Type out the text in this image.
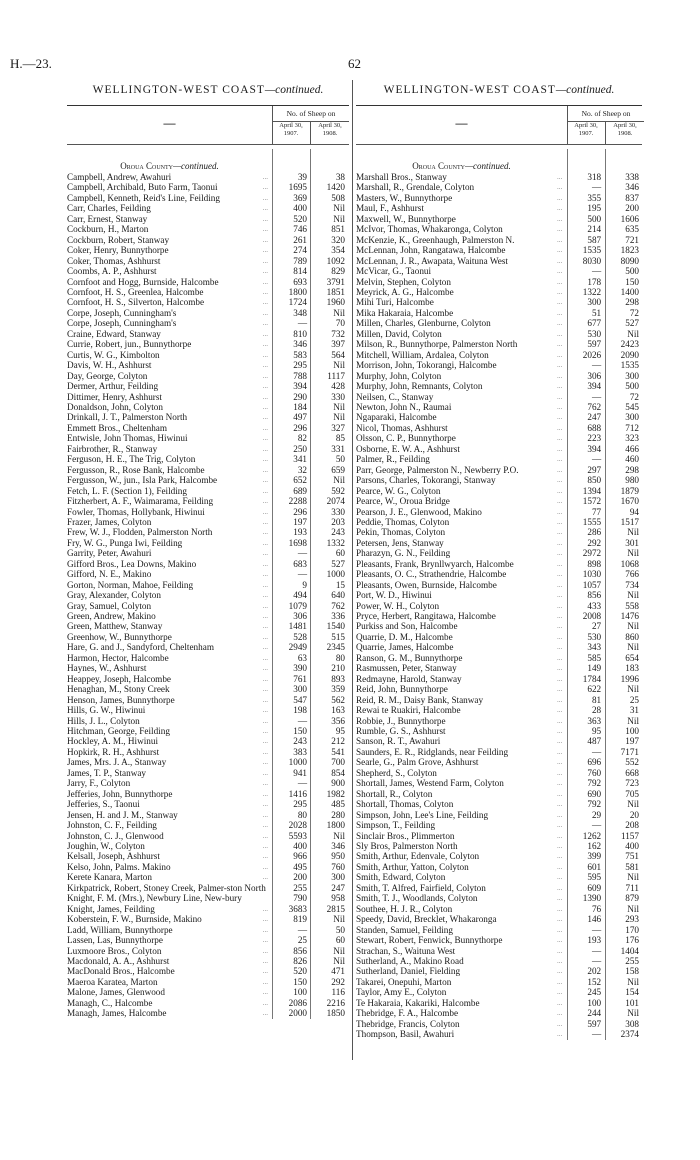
H.—23.	62
WELLINGTON-WEST COAST—continued.
—
No. of Sheep on
April 30, 1907.
April 30, 1908.
Oroua County—continued.
Campbell, Andrew, Awahuri	...	39	38
Campbell, Archibald, Buto Farm, Taonui	...	1695	1420
Campbell, Kenneth, Reid's Line, Feilding	...	369	508
Carr, Charles, Feilding	...	400	Nil
Carr, Ernest, Stanway	...	520	Nil
Cockburn, H., Marton	...	746	851
Cockburn, Robert, Stanway	...	261	320
Coker, Henry, Bunnythorpe	...	274	354
Coker, Thomas, Ashhurst	...	789	1092
Coombs, A. P., Ashhurst	...	814	829
Cornfoot and Hogg, Burnside, Halcombe	...	693	3791
Cornfoot, H. S., Greenlea, Halcombe	...	1800	1851
Cornfoot, H. S., Silverton, Halcombe	...	1724	1960
Corpe, Joseph, Cunningham's	...	348	Nil
Corpe, Joseph, Cunningham's	...	—	70
Craine, Edward, Stanway	...	810	732
Currie, Robert, jun., Bunnythorpe	...	346	397
Curtis, W. G., Kimbolton	...	583	564
Davis, W. H., Ashhurst	...	295	Nil
Day, George, Colyton	...	788	1117
Dermer, Arthur, Feilding	...	394	428
Dittimer, Henry, Ashhurst	...	290	330
Donaldson, John, Colyton	...	184	Nil
Drinkall, J. T., Palmerston North	...	497	Nil
Emmett Bros., Cheltenham	...	296	327
Entwisle, John Thomas, Hiwinui	...	82	85
Fairbrother, R., Stanway	...	250	331
Ferguson, H. E., The Trig, Colyton	...	341	50
Fergusson, R., Rose Bank, Halcombe	...	32	659
Fergusson, W., jun., Isla Park, Halcombe	...	652	Nil
Fetch, L. F. (Section 1), Feilding	...	689	592
Fitzherbert, A. F., Waimarama, Feilding	...	2288	2074
Fowler, Thomas, Hollybank, Hiwinui	...	296	330
Frazer, James, Colyton	...	197	203
Frew, W. J., Flodden, Palmerston North	...	193	243
Fry, W. G., Punga Iwi, Feilding	...	1698	1332
Garrity, Peter, Awahuri	...	—	60
Gifford Bros., Lea Downs, Makino	...	683	527
Gifford, N. E., Makino	...	—	1000
Gorton, Norman, Mahoe, Feilding	...	9	15
Gray, Alexander, Colyton	...	494	640
Gray, Samuel, Colyton	...	1079	762
Green, Andrew, Makino	...	306	336
Green, Matthew, Stanway	...	1481	1540
Greenhow, W., Bunnythorpe	...	528	515
Hare, G. and J., Sandyford, Cheltenham	...	2949	2345
Harmon, Hector, Halcombe	...	63	80
Haynes, W., Ashhurst	...	390	210
Heappey, Joseph, Halcombe	...	761	893
Henaghan, M., Stony Creek	...	300	359
Henson, James, Bunnythorpe	...	547	562
Hills, G. W., Hiwinui	...	198	163
Hills, J. L., Colyton	...	—	356
Hitchman, George, Feilding	...	150	95
Hockley, A. M., Hiwinui	...	243	212
Hopkirk, R. H., Ashhurst	...	383	541
James, Mrs. J. A., Stanway	...	1000	700
James, T. P., Stanway	...	941	854
Jarry, F., Colyton	...	—	900
Jefferies, John, Bunnythorpe	...	1416	1982
Jefferies, S., Taonui	...	295	485
Jensen, H. and J. M., Stanway	...	80	280
Johnston, C. F., Feilding	...	2028	1800
Johnston, C. J., Glenwood	...	5593	Nil
Joughin, W., Colyton	...	400	346
Kelsall, Joseph, Ashhurst	...	966	950
Kelso, John, Palms. Makino	...	495	760
Kerete Kanara, Marton	...	200	300
Kirkpatrick, Robert, Stoney Creek, Palmer-ston North	255	247
Knight, F. M. (Mrs.), Newbury Line, New-bury	790	958
Knight, James, Feilding	...	3683	2815
Koberstein, F. W., Burnside, Makino	...	819	Nil
Ladd, William, Bunnythorpe	...	—	50
Lassen, Las, Bunnythorpe	...	25	60
Luxmoore Bros., Colyton	...	856	Nil
Macdonald, A. A., Ashhurst	...	826	Nil
MacDonald Bros., Halcombe	...	520	471
Maeroa Karatea, Marton	...	150	292
Malone, James, Glenwood	...	100	116
Managh, C., Halcombe	...	2086	2216
Managh, James, Halcombe	...	2000	1850
WELLINGTON-WEST COAST—continued.
—
No. of Sheep on
April 30, 1907.
April 30, 1908.
Oroua County—continued.
Marshall Bros., Stanway	...	318	338
Marshall, R., Grendale, Colyton	...	—	346
Masters, W., Bunnythorpe	...	355	837
Maul, F., Ashhurst	...	195	200
Maxwell, W., Bunnythorpe	...	500	1606
McIvor, Thomas, Whakaronga, Colyton	...	214	635
McKenzie, K., Greenhaugh, Palmerston N.	...	587	721
McLennan, John, Rangatawa, Halcombe	...	1535	1823
McLennan, J. R., Awapata, Waituna West	...	8030	8090
McVicar, G., Taonui	...	—	500
Melvin, Stephen, Colyton	...	178	150
Meyrick, A. G., Halcombe	...	1322	1400
Mihi Turi, Halcombe	...	300	298
Mika Hakaraia, Halcombe	...	51	72
Millen, Charles, Glenburne, Colyton	...	677	527
Millen, David, Colyton	...	530	Nil
Milson, R., Bunnythorpe, Palmerston North	...	597	2423
Mitchell, William, Ardalea, Colyton	...	2026	2090
Morrison, John, Tokorangi, Halcombe	...	—	1535
Murphy, John, Colyton	...	306	300
Murphy, John, Remnants, Colyton	...	394	500
Neilsen, C., Stanway	...	—	72
Newton, John N., Raumai	...	762	545
Ngaparaki, Halcombe	...	247	300
Nicol, Thomas, Ashhurst	...	688	712
Olsson, C. P., Bunnythorpe	...	223	323
Osborne, E. W. A., Ashhurst	...	394	466
Palmer, R., Feilding	...	—	460
Parr, George, Palmerston N., Newberry P.O.	...	297	298
Parsons, Charles, Tokorangi, Stanway	...	850	980
Pearce, W. G., Colyton	...	1394	1879
Pearce, W., Oroua Bridge	...	1572	1670
Pearson, J. E., Glenwood, Makino	...	77	94
Peddie, Thomas, Colyton	...	1555	1517
Pekin, Thomas, Colyton	...	286	Nil
Petersen, Jens, Stanway	...	292	301
Pharazyn, G. N., Feilding	...	2972	Nil
Pleasants, Frank, Brynllwyarch, Halcombe	...	898	1068
Pleasants, O. C., Strathendrie, Halcombe	...	1030	766
Pleasants, Owen, Burnside, Halcombe	...	1057	734
Port, W. D., Hiwinui	...	856	Nil
Power, W. H., Colyton	...	433	558
Pryce, Herbert, Rangitawa, Halcombe	...	2008	1476
Purkiss and Son, Halcombe	...	27	Nil
Quarrie, D. M., Halcombe	...	530	860
Quarrie, James, Halcombe	...	343	Nil
Ranson, G. M., Bunnythorpe	...	585	654
Rasmussen, Peter, Stanway	...	149	183
Redmayne, Harold, Stanway	...	1784	1996
Reid, John, Bunnythorpe	...	622	Nil
Reid, R. M., Daisy Bank, Stanway	...	81	25
Rewai te Ruakiri, Halcombe	...	28	31
Robbie, J., Bunnythorpe	...	363	Nil
Rumble, G. S., Ashhurst	...	95	100
Sanson, R. T., Awahuri	...	487	197
Saunders, E. R., Ridglands, near Feilding	...	—	7171
Searle, G., Palm Grove, Ashhurst	...	696	552
Shepherd, S., Colyton	...	760	668
Shortall, James, Westend Farm, Colyton	...	792	723
Shortall, R., Colyton	...	690	705
Shortall, Thomas, Colyton	...	792	Nil
Simpson, John, Lee's Line, Feilding	...	29	20
Simpson, T., Feilding	...	—	208
Sinclair Bros., Plimmerton	...	1262	1157
Sly Bros, Palmerston North	...	162	400
Smith, Arthur, Edenvale, Colyton	...	399	751
Smith, Arthur, Yatton, Colyton	...	601	581
Smith, Edward, Colyton	...	595	Nil
Smith, T. Alfred, Fairfield, Colyton	...	609	711
Smith, T. J., Woodlands, Colyton	...	1390	879
Southee, H. J. R., Colyton	...	76	Nil
Speedy, David, Brecklet, Whakaronga	...	146	293
Standen, Samuel, Feilding	...	—	170
Stewart, Robert, Fenwick, Bunnythorpe	...	193	176
Strachan, S., Waituna West	...	—	1404
Sutherland, A., Makino Road	...	—	255
Sutherland, Daniel, Fielding	...	202	158
Takarei, Onepuhi, Marton	...	152	Nil
Taylor, Amy E., Colyton	...	245	154
Te Hakaraia, Kakariki, Halcombe	...	100	101
Thebridge, F. A., Halcombe	...	244	Nil
Thebridge, Francis, Colyton	...	597	308
Thompson, Basil, Awahuri	...	—	2374
